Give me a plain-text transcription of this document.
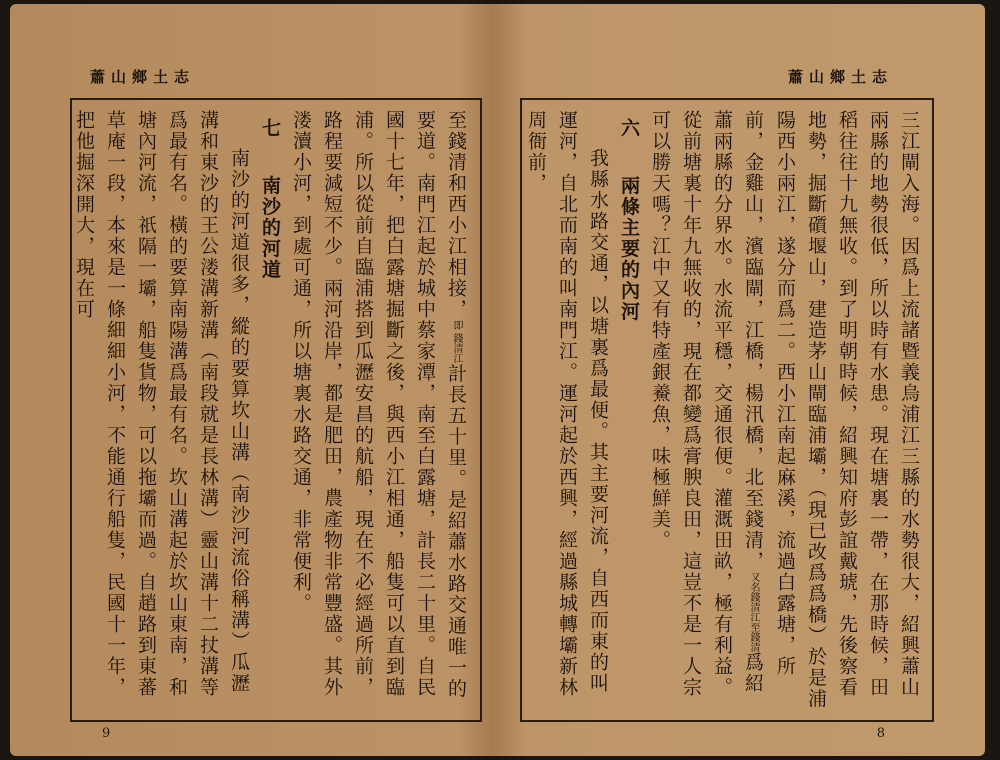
蕭山鄉土志

至錢清和西小江相接，即 錢清江計長五十里。是紹蕭水路交通唯一的要道。南門江起於城中蔡家潭，南至白露塘，計長二十里。自民國十七年，把白露塘掘斷之後，與西小江相通，船隻可以直到臨浦。所以從前自臨浦搭到瓜瀝安昌的航船，現在不必經過所前，路程要減短不少。兩河沿岸，都是肥田，農產物非常豐盛。其外溇瀆小河，到處可通，所以塘裏水路交通，非常便利。

七　南沙的河道

南沙的河道很多，縱的要算坎山溝（南沙河流俗稱溝）瓜瀝溝和東沙的王公溇溝新溝（南段就是長林溝）靈山溝十二扙溝等爲最有名。橫的要算南陽溝爲最有名。坎山溝起於坎山東南，和塘內河流，祇隔一壩，船隻貨物，可以拖壩而過。自趙路到東蕃草庵一段，本來是一條細細小河，不能通行船隻，民國十一年，把他掘深開大，現在可

9
蕭山鄉土志

三江閘入海。因爲上流諸暨義烏浦江三縣的水勢很大，紹興蕭山兩縣的地勢很低，所以時有水患。現在塘裏一帶，在那時候，田稻往往十九無收。到了明朝時候，紹興知府彭誼戴琥，先後察看地勢，掘斷礩堰山，建造茅山閘臨浦壩，（現已改爲爲橋）於是浦陽西小兩江，遂分而爲二。西小江南起麻溪，流過白露塘，所前，金雞山，濱臨閘，江橋，楊汛橋，北至錢清，又名錢清江至錢清爲紹蕭兩縣的分界水。水流平穩，交通很便。灌溉田畝，極有利益。從前塘裏十年九無收的，現在都變爲膏腴良田，這豈不是一人宗可以勝天嗎？江中又有特產銀鯗魚，味極鮮美。

六　兩條主要的內河

我縣水路交通，以塘裏爲最便。其主要河流，自西而東的叫運河，自北而南的叫南門江。運河起於西興，經過縣城轉壩新林周衙前，

8
